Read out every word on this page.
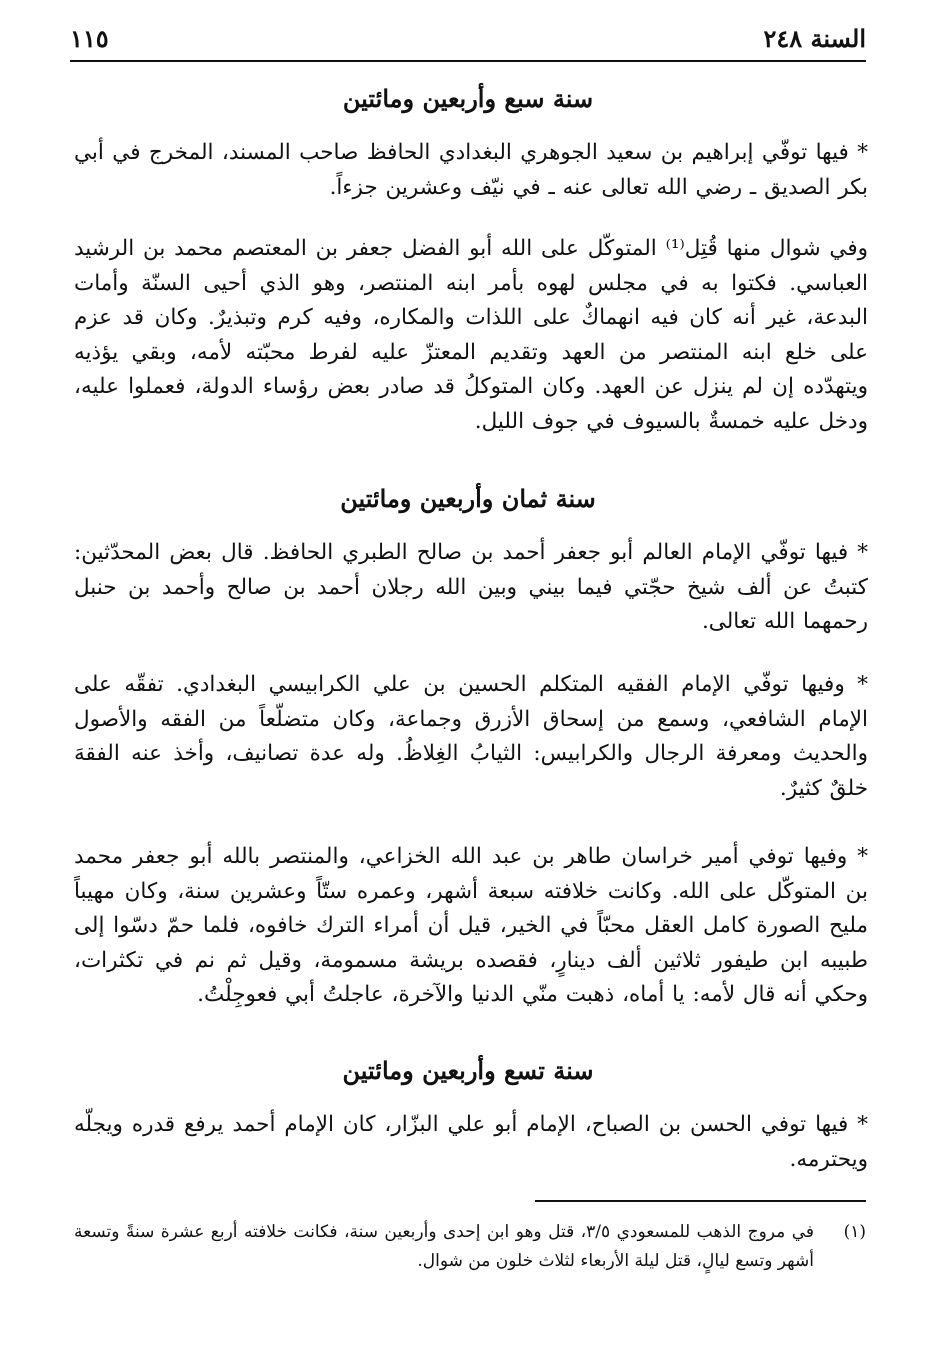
السنة ٢٤٨
١١٥
سنة سبع وأربعين ومائتين
* فيها توفّي إبراهيم بن سعيد الجوهري البغدادي الحافظ صاحب المسند، المخرج في أبي بكر الصديق ـ رضي الله تعالى عنه ـ في نيّف وعشرين جزءاً.
وفي شوال منها قُتِل⁽¹⁾ المتوكّل على الله أبو الفضل جعفر بن المعتصم محمد بن الرشيد العباسي. فكتوا به في مجلس لهوه بأمر ابنه المنتصر، وهو الذي أحيى السنّة وأمات البدعة، غير أنه كان فيه انهماكٌ على اللذات والمكاره، وفيه كرم وتبذيرٌ. وكان قد عزم على خلع ابنه المنتصر من العهد وتقديم المعتزّ عليه لفرط محبّته لأمه، وبقي يؤذيه ويتهدّده إن لم ينزل عن العهد. وكان المتوكلُ قد صادر بعض رؤساء الدولة، فعملوا عليه، ودخل عليه خمسةٌ بالسيوف في جوف الليل.
سنة ثمان وأربعين ومائتين
* فيها توفّي الإمام العالم أبو جعفر أحمد بن صالح الطبري الحافظ. قال بعض المحدّثين: كتبتُ عن ألف شيخ حجّتي فيما بيني وبين الله رجلان أحمد بن صالح وأحمد بن حنبل رحمهما الله تعالى.
* وفيها توفّي الإمام الفقيه المتكلم الحسين بن علي الكرابيسي البغدادي. تفقّه على الإمام الشافعي، وسمع من إسحاق الأزرق وجماعة، وكان متضلّعاً من الفقه والأصول والحديث ومعرفة الرجال والكرابيس: الثيابُ الغِلاظُ. وله عدة تصانيف، وأخذ عنه الفقهَ خلقٌ كثيرٌ.
* وفيها توفي أمير خراسان طاهر بن عبد الله الخزاعي، والمنتصر بالله أبو جعفر محمد بن المتوكّل على الله. وكانت خلافته سبعة أشهر، وعمره ستّاً وعشرين سنة، وكان مهيباً مليح الصورة كامل العقل محبّاً في الخير، قيل أن أمراء الترك خافوه، فلما حمّ دسّوا إلى طبيبه ابن طيفور ثلاثين ألف دينارٍ، فقصده بريشة مسمومة، وقيل ثم نم في تكثرات، وحكي أنه قال لأمه: يا أماه، ذهبت منّي الدنيا والآخرة، عاجلتُ أبي فعوجِلْتُ.
سنة تسع وأربعين ومائتين
* فيها توفي الحسن بن الصباح، الإمام أبو علي البزّار، كان الإمام أحمد يرفع قدره ويجلّه ويحترمه.
(١)
في مروج الذهب للمسعودي ٣/٥، قتل وهو ابن إحدى وأربعين سنة، فكانت خلافته أربع عشرة سنةً وتسعة أشهر وتسع ليالٍ، قتل ليلة الأربعاء لثلاث خلون من شوال.
